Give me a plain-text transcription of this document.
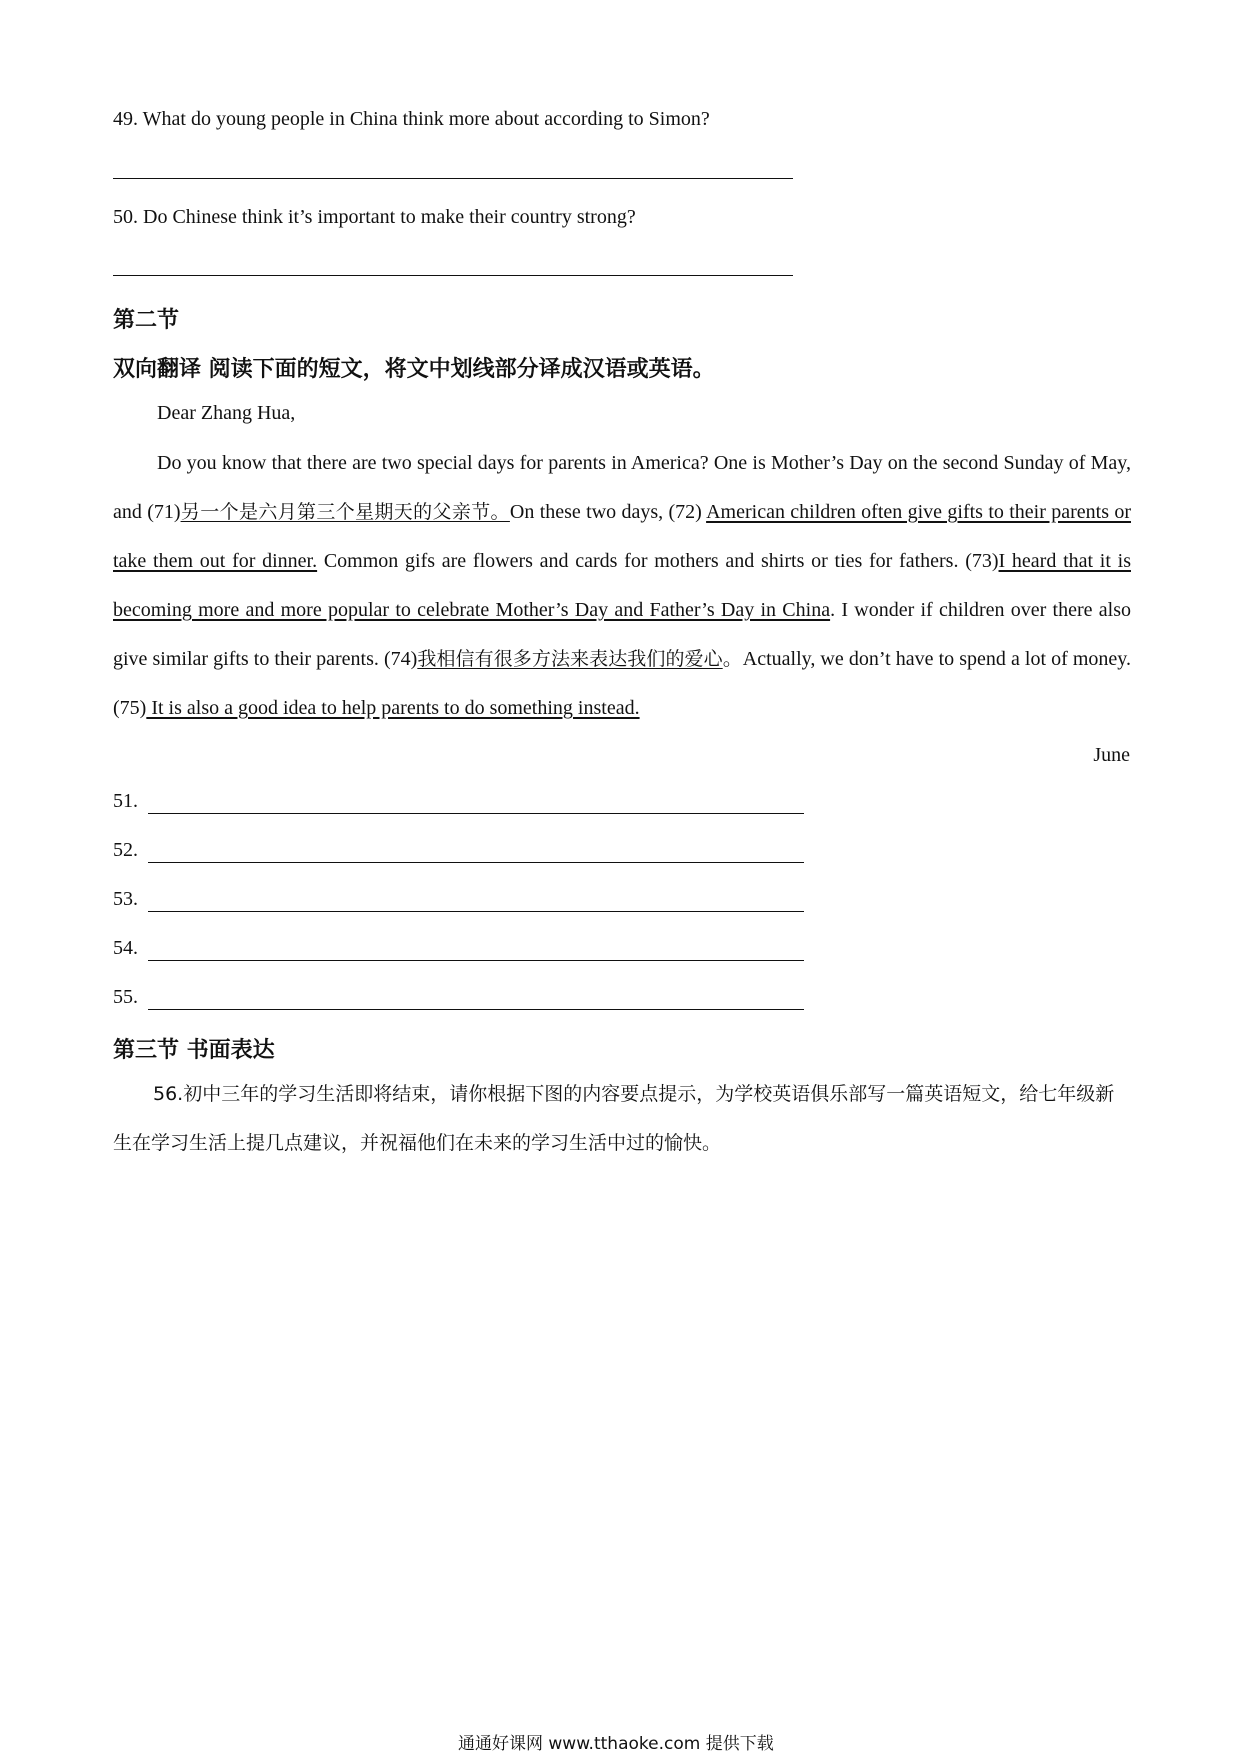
49. What do young people in China think more about according to Simon?
50. Do Chinese think it’s important to make their country strong?
第二节
双向翻译 阅读下面的短文，将文中划线部分译成汉语或英语。
Dear Zhang Hua,
Do you know that there are two special days for parents in America? One is Mother’s Day on the second Sunday of May, and (71)另一个是六月第三个星期天的父亲节。On these two days, (72) American children often give gifts to their parents or take them out for dinner. Common gifs are flowers and cards for mothers and shirts or ties for fathers. (73)I heard that it is becoming more and more popular to celebrate Mother’s Day and Father’s Day in China. I wonder if children over there also give similar gifts to their parents. (74)我相信有很多方法来表达我们的爱心。Actually, we don’t have to spend a lot of money. (75) It is also a good idea to help parents to do something instead.
June
51.
52.
53.
54.
55.
第三节 书面表达
56.初中三年的学习生活即将结束，请你根据下图的内容要点提示，为学校英语俱乐部写一篇英语短文，给七年级新生在学习生活上提几点建议，并祝福他们在未来的学习生活中过的愉快。
通通好课网 www.tthaoke.com 提供下载
